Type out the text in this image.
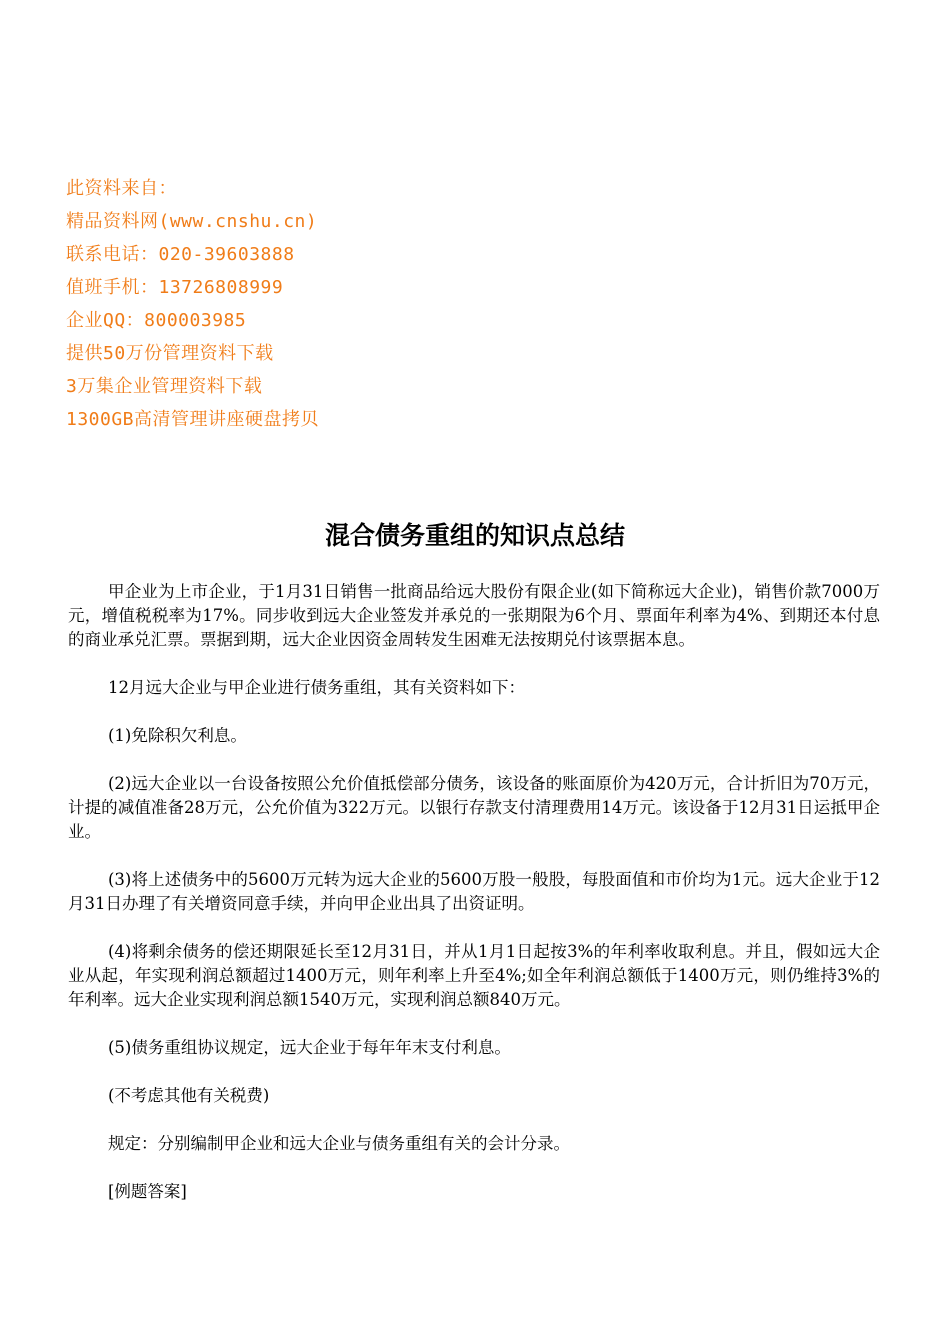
此资料来自：
精品资料网(www.cnshu.cn)
联系电话：020-39603888
值班手机：13726808999
企业QQ：800003985
提供50万份管理资料下载
3万集企业管理资料下载
1300GB高清管理讲座硬盘拷贝
混合债务重组的知识点总结

甲企业为上市企业，于1月31日销售一批商品给远大股份有限企业(如下简称远大企业)，销售价款7000万元，增值税税率为17%。同步收到远大企业签发并承兑的一张期限为6个月、票面年利率为4%、到期还本付息的商业承兑汇票。票据到期，远大企业因资金周转发生困难无法按期兑付该票据本息。

12月远大企业与甲企业进行债务重组，其有关资料如下：

(1)免除积欠利息。

(2)远大企业以一台设备按照公允价值抵偿部分债务，该设备的账面原价为420万元，合计折旧为70万元，计提的减值准备28万元，公允价值为322万元。以银行存款支付清理费用14万元。该设备于12月31日运抵甲企业。

(3)将上述债务中的5600万元转为远大企业的5600万股一般股，每股面值和市价均为1元。远大企业于12月31日办理了有关增资同意手续，并向甲企业出具了出资证明。

(4)将剩余债务的偿还期限延长至12月31日，并从1月1日起按3%的年利率收取利息。并且，假如远大企业从起，年实现利润总额超过1400万元，则年利率上升至4%;如全年利润总额低于1400万元，则仍维持3%的年利率。远大企业实现利润总额1540万元，实现利润总额840万元。

(5)债务重组协议规定，远大企业于每年年末支付利息。

(不考虑其他有关税费)

规定：分别编制甲企业和远大企业与债务重组有关的会计分录。

[例题答案]
